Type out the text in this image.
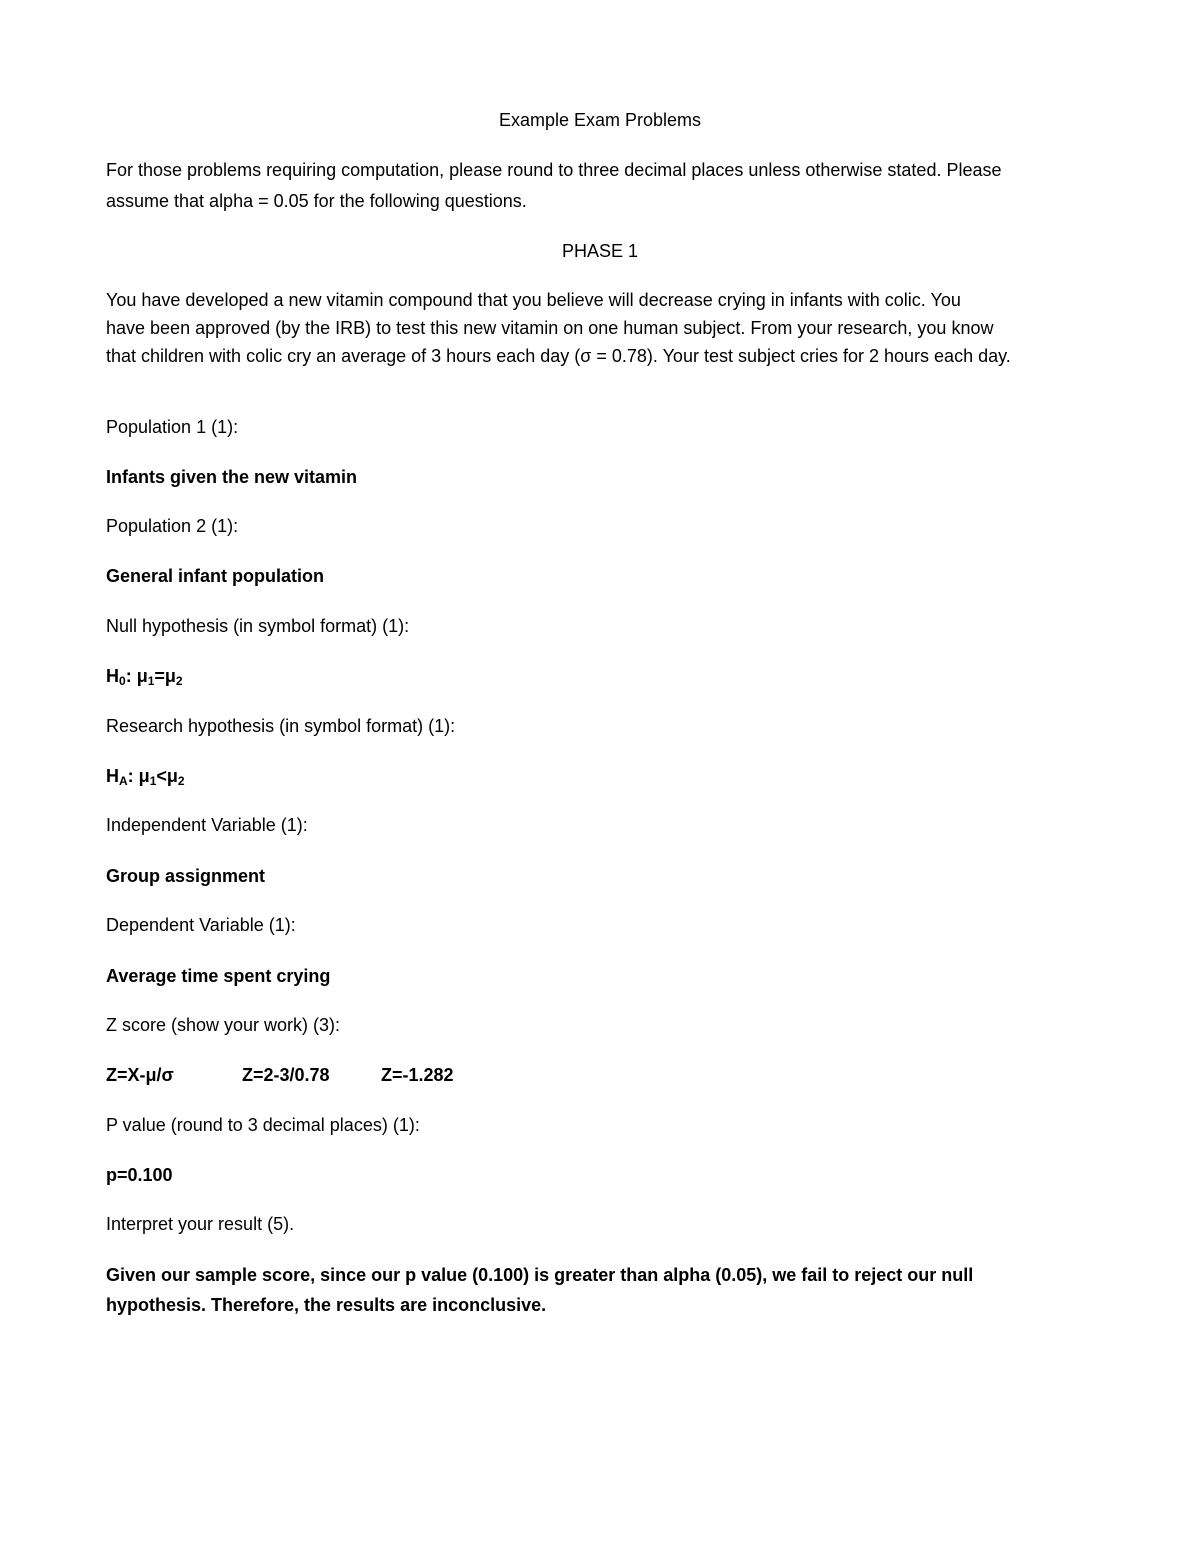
Example Exam Problems
For those problems requiring computation, please round to three decimal places unless otherwise stated. Please
assume that alpha = 0.05 for the following questions.
PHASE 1
You have developed a new vitamin compound that you believe will decrease crying in infants with colic. You
have been approved (by the IRB) to test this new vitamin on one human subject. From your research, you know
that children with colic cry an average of 3 hours each day (σ = 0.78). Your test subject cries for 2 hours each day.
Population 1 (1):
Infants given the new vitamin
Population 2 (1):
General infant population
Null hypothesis (in symbol format) (1):
$H_0$: $\mu_1=\mu_2$
Research hypothesis (in symbol format) (1):
$H_A$: $\mu_1<\mu_2$
Independent Variable (1):
Group assignment
Dependent Variable (1):
Average time spent crying
Z score (show your work) (3):
Z=X-μ/σ	Z=2-3/0.78	Z=-1.282
P value (round to 3 decimal places) (1):
p=0.100
Interpret your result (5).
Given our sample score, since our p value (0.100) is greater than alpha (0.05), we fail to reject our null
hypothesis. Therefore, the results are inconclusive.
